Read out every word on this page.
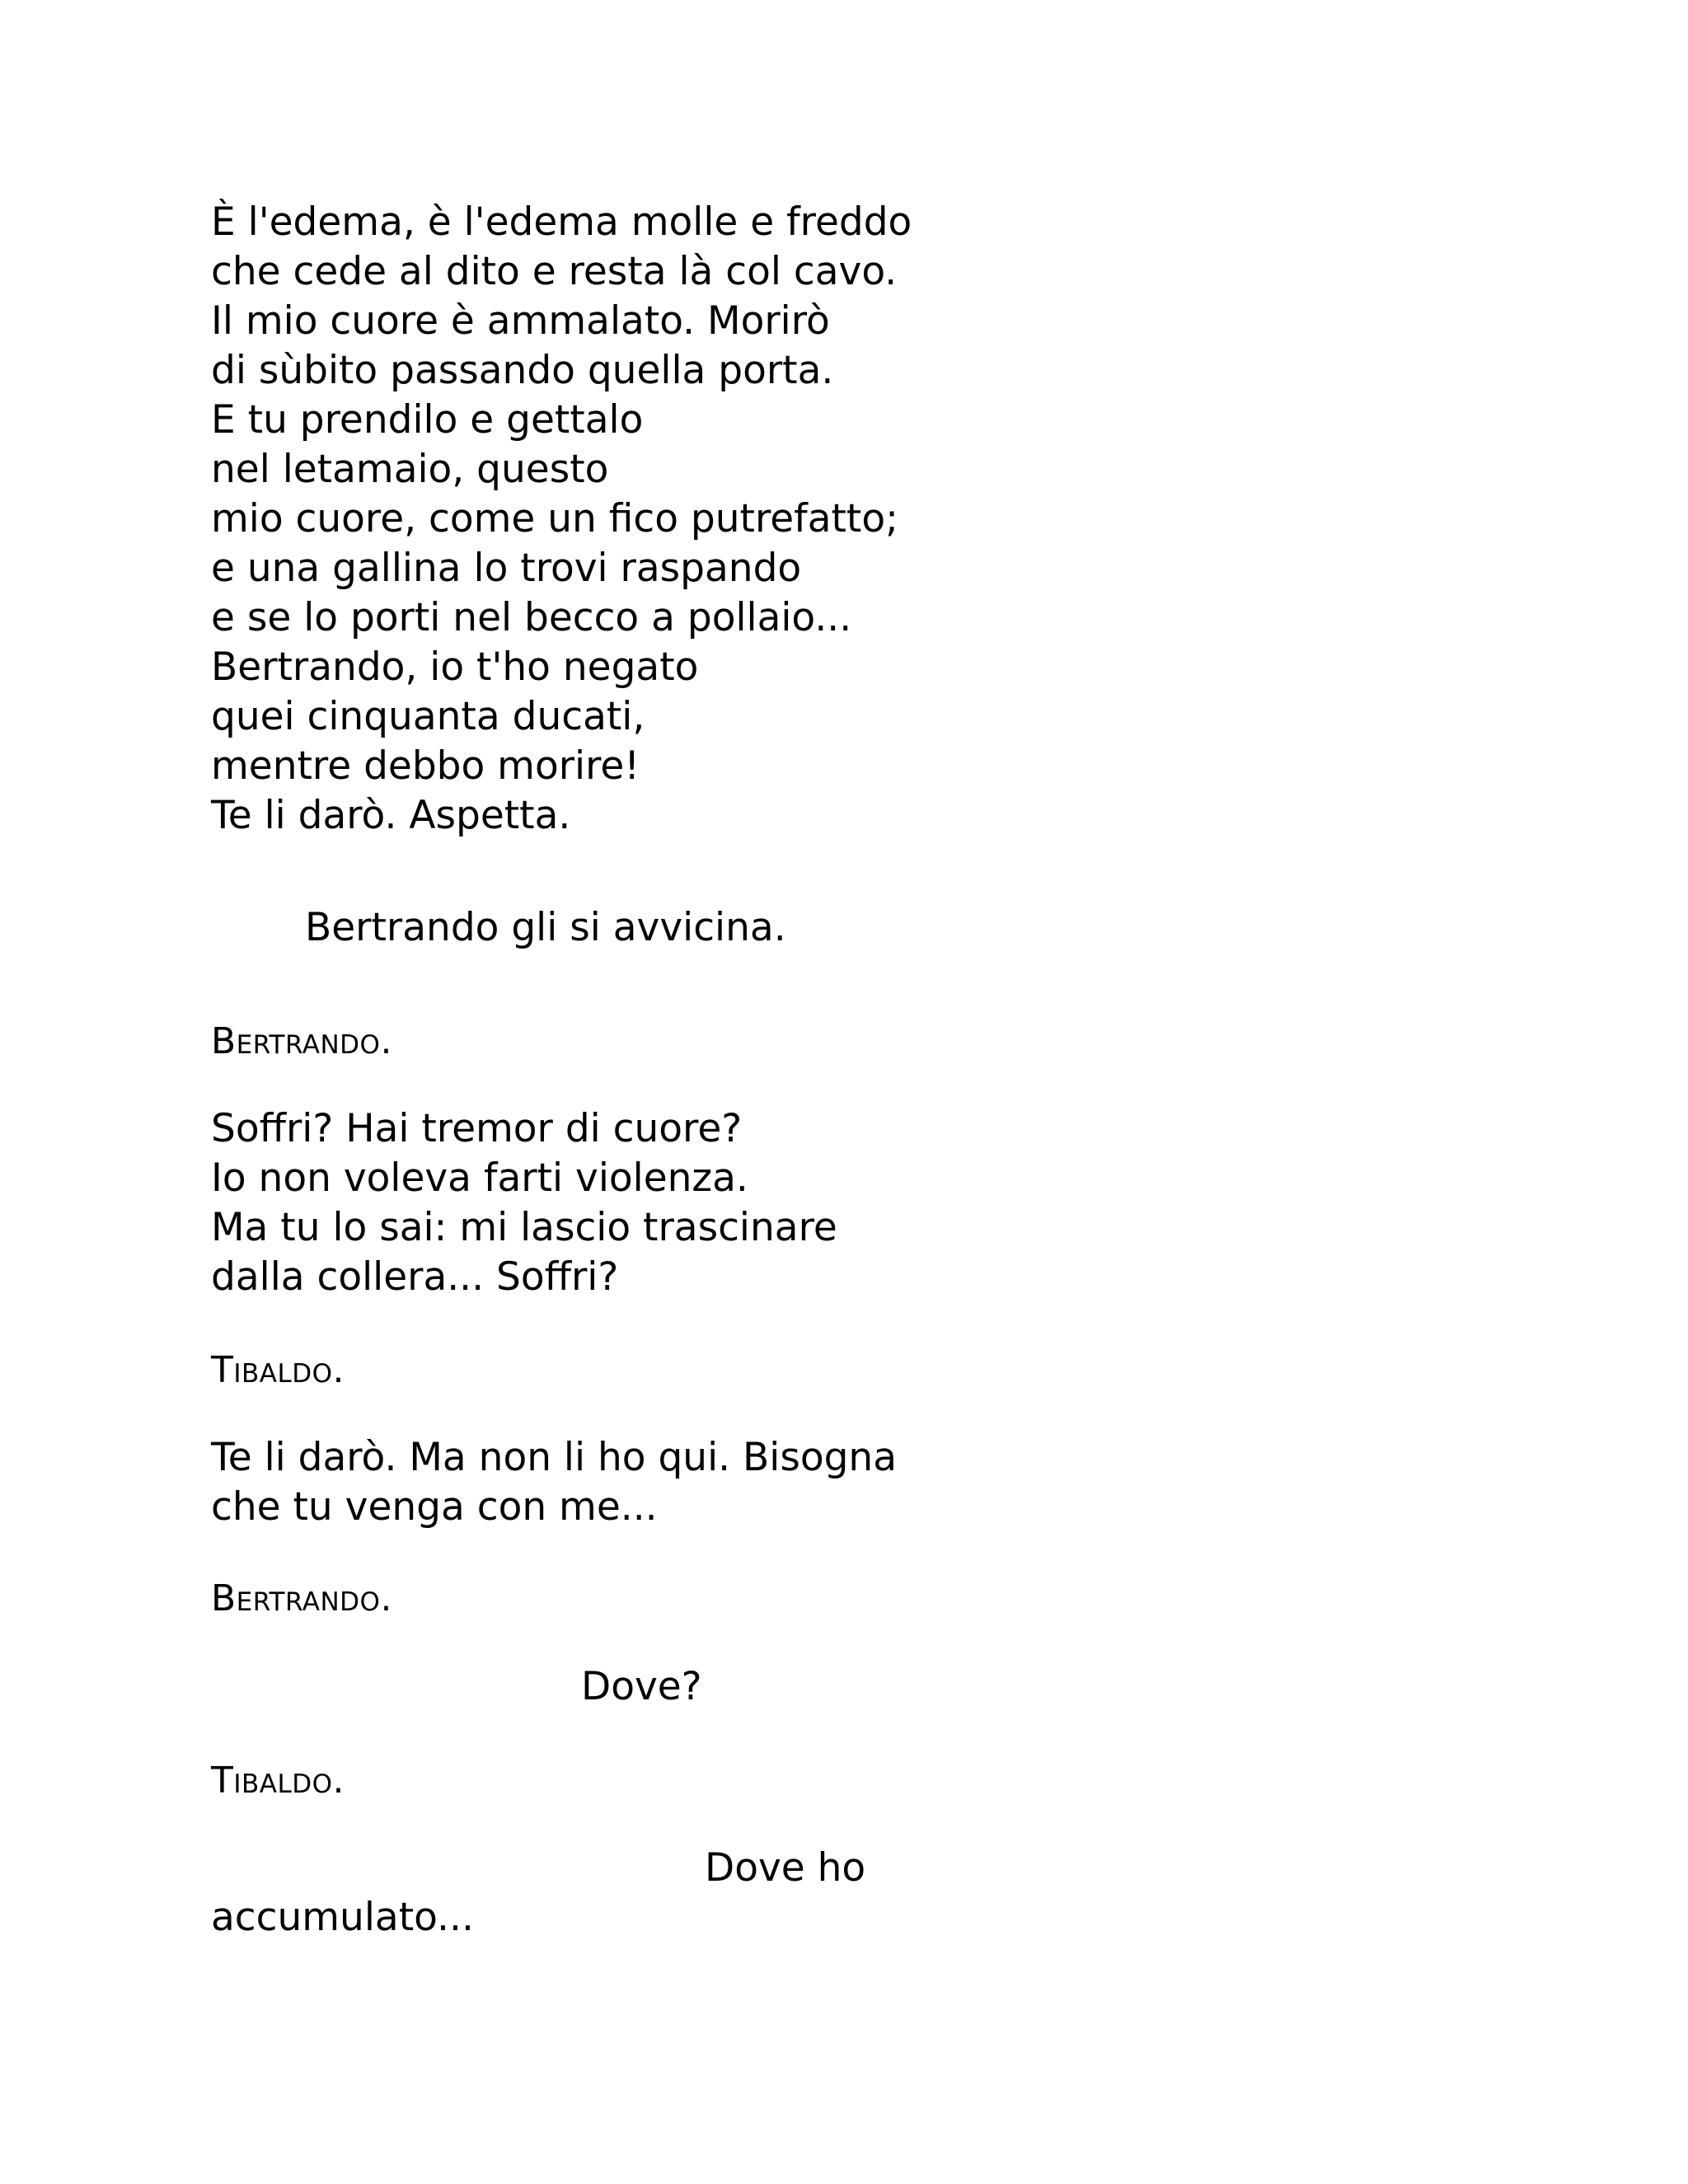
È l'edema, è l'edema molle e freddo
che cede al dito e resta là col cavo.
Il mio cuore è ammalato. Morirò
di sùbito passando quella porta.
E tu prendilo e gettalo
nel letamaio, questo
mio cuore, come un fico putrefatto;
e una gallina lo trovi raspando
e se lo porti nel becco a pollaio...
Bertrando, io t'ho negato
quei cinquanta ducati,
mentre debbo morire!
Te li darò. Aspetta.
Bertrando gli si avvicina.
Bertrando.
Soffri? Hai tremor di cuore?
Io non voleva farti violenza.
Ma tu lo sai: mi lascio trascinare
dalla collera... Soffri?
Tibaldo.
Te li darò. Ma non li ho qui. Bisogna
che tu venga con me...
Bertrando.
Dove?
Tibaldo.
Dove ho
accumulato...
